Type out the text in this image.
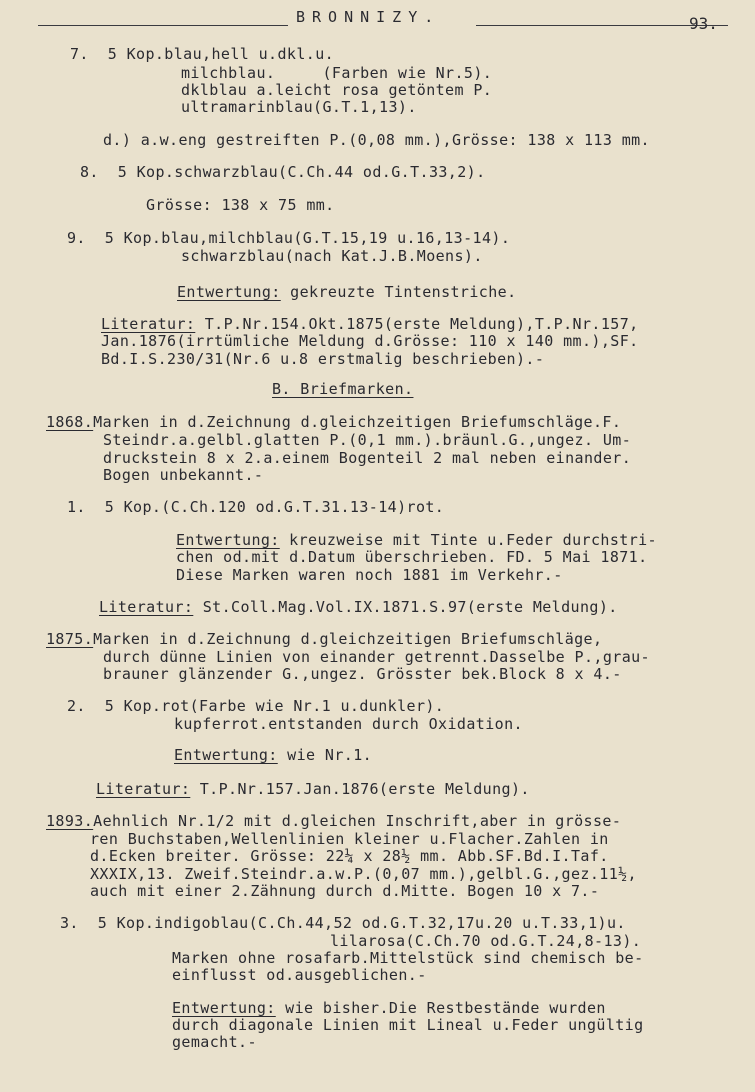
BRONNIZY.	93.
7.  5 Kop.blau,hell u.dkl.u.
milchblau.     (Farben wie Nr.5).
dklblau a.leicht rosa getöntem P.
ultramarinblau(G.T.1,13).
d.) a.w.eng gestreiften P.(0,08 mm.),Grösse: 138 x 113 mm.
8.  5 Kop.schwarzblau(C.Ch.44 od.G.T.33,2).
Grösse: 138 x 75 mm.
9.  5 Kop.blau,milchblau(G.T.15,19 u.16,13-14).
schwarzblau(nach Kat.J.B.Moens).
Entwertung: gekreuzte Tintenstriche.
Literatur: T.P.Nr.154.Okt.1875(erste Meldung),T.P.Nr.157,
Jan.1876(irrtümliche Meldung d.Grösse: 110 x 140 mm.),SF.
Bd.I.S.230/31(Nr.6 u.8 erstmalig beschrieben).-
B. Briefmarken.
1868.Marken in d.Zeichnung d.gleichzeitigen Briefumschläge.F.
Steindr.a.gelbl.glatten P.(0,1 mm.).bräunl.G.,ungez. Um-
druckstein 8 x 2.a.einem Bogenteil 2 mal neben einander.
Bogen unbekannt.-
1.  5 Kop.(C.Ch.120 od.G.T.31.13-14)rot.
Entwertung: kreuzweise mit Tinte u.Feder durchstri-
chen od.mit d.Datum überschrieben. FD. 5 Mai 1871.
Diese Marken waren noch 1881 im Verkehr.-
Literatur: St.Coll.Mag.Vol.IX.1871.S.97(erste Meldung).
1875.Marken in d.Zeichnung d.gleichzeitigen Briefumschläge,
durch dünne Linien von einander getrennt.Dasselbe P.,grau-
brauner glänzender G.,ungez. Grösster bek.Block 8 x 4.-
2.  5 Kop.rot(Farbe wie Nr.1 u.dunkler).
kupferrot.entstanden durch Oxidation.
Entwertung: wie Nr.1.
Literatur: T.P.Nr.157.Jan.1876(erste Meldung).
1893.Aehnlich Nr.1/2 mit d.gleichen Inschrift,aber in grösse-
ren Buchstaben,Wellenlinien kleiner u.Flacher.Zahlen in
d.Ecken breiter. Grösse: 22¼ x 28½ mm. Abb.SF.Bd.I.Taf.
XXXIX,13. Zweif.Steindr.a.w.P.(0,07 mm.),gelbl.G.,gez.11½,
auch mit einer 2.Zähnung durch d.Mitte. Bogen 10 x 7.-
3.  5 Kop.indigoblau(C.Ch.44,52 od.G.T.32,17u.20 u.T.33,1)u.
lilarosa(C.Ch.70 od.G.T.24,8-13).
Marken ohne rosafarb.Mittelstück sind chemisch be-
einflusst od.ausgeblichen.-
Entwertung: wie bisher.Die Restbestände wurden
durch diagonale Linien mit Lineal u.Feder ungültig
gemacht.-
